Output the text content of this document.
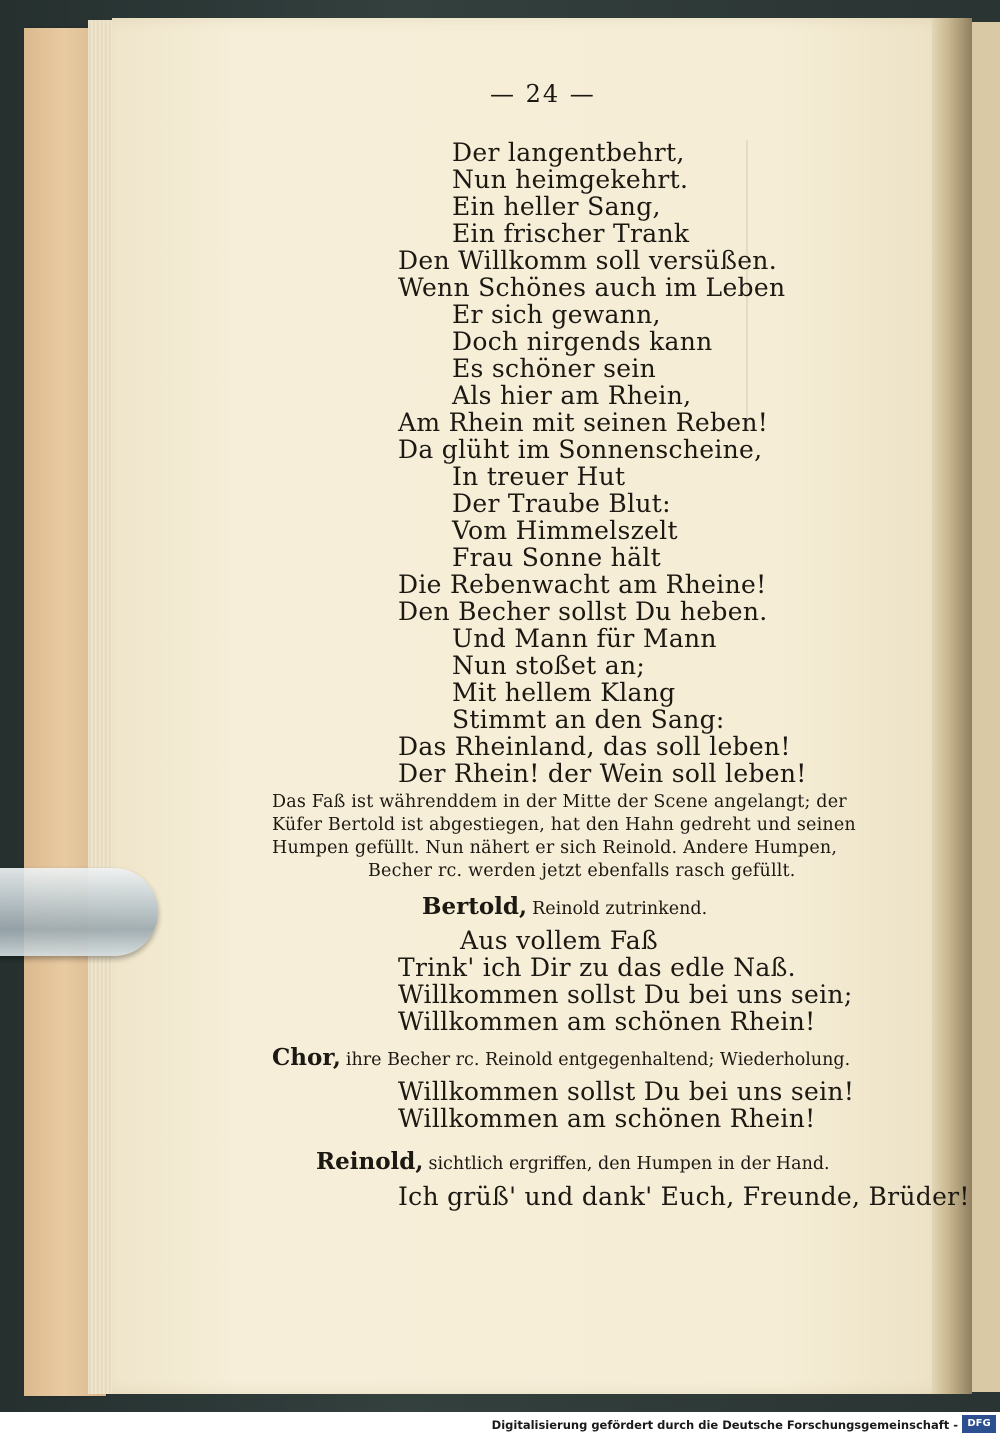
— 24 —
Der langentbehrt,
Nun heimgekehrt.
Ein heller Sang,
Ein frischer Trank
Den Willkomm soll versüßen.
Wenn Schönes auch im Leben
Er sich gewann,
Doch nirgends kann
Es schöner sein
Als hier am Rhein,
Am Rhein mit seinen Reben!
Da glüht im Sonnenscheine,
In treuer Hut
Der Traube Blut:
Vom Himmelszelt
Frau Sonne hält
Die Rebenwacht am Rheine!
Den Becher sollst Du heben.
Und Mann für Mann
Nun stoßet an;
Mit hellem Klang
Stimmt an den Sang:
Das Rheinland, das soll leben!
Der Rhein! der Wein soll leben!
Das Faß ist währenddem in der Mitte der Scene angelangt; der
Küfer Bertold ist abgestiegen, hat den Hahn gedreht und seinen
Humpen gefüllt. Nun nähert er sich Reinold. Andere Humpen,
Becher rc. werden jetzt ebenfalls rasch gefüllt.
Bertold, Reinold zutrinkend.
Aus vollem Faß
Trink' ich Dir zu das edle Naß.
Willkommen sollst Du bei uns sein;
Willkommen am schönen Rhein!
Chor, ihre Becher rc. Reinold entgegenhaltend; Wiederholung.
Willkommen sollst Du bei uns sein!
Willkommen am schönen Rhein!
Reinold, sichtlich ergriffen, den Humpen in der Hand.
Ich grüß' und dank' Euch, Freunde, Brüder!
Digitalisierung gefördert durch die Deutsche Forschungsgemeinschaft - DFG
